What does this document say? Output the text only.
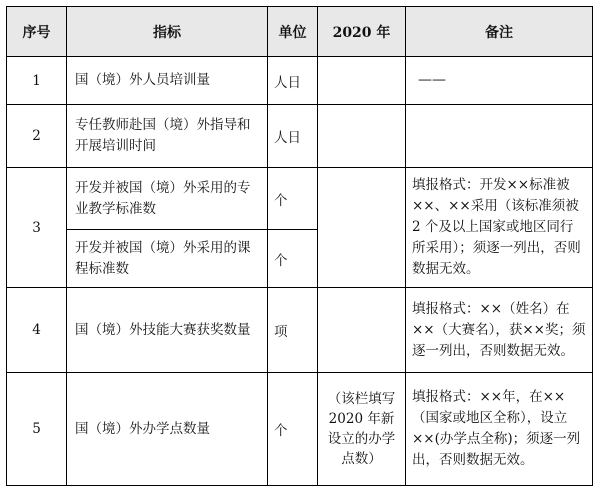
序号	指标	单位	2020 年	备注
1	国（境）外人员培训量	人日		——
2	专任教师赴国（境）外指导和开展培训时间	人日		
3	开发并被国（境）外采用的专业教学标准数	个		填报格式：开发××标准被××、××采用（该标准须被 2 个及以上国家或地区同行所采用）；须逐一列出，否则数据无效。
	开发并被国（境）外采用的课程标准数	个		
4	国（境）外技能大赛获奖数量	项		填报格式：××（姓名）在××（大赛名），获××奖；须逐一列出，否则数据无效。
5	国（境）外办学点数量	个	（该栏填写 2020 年新设立的办学点数）	填报格式：××年，在××（国家或地区全称），设立××(办学点全称)；须逐一列出，否则数据无效。
